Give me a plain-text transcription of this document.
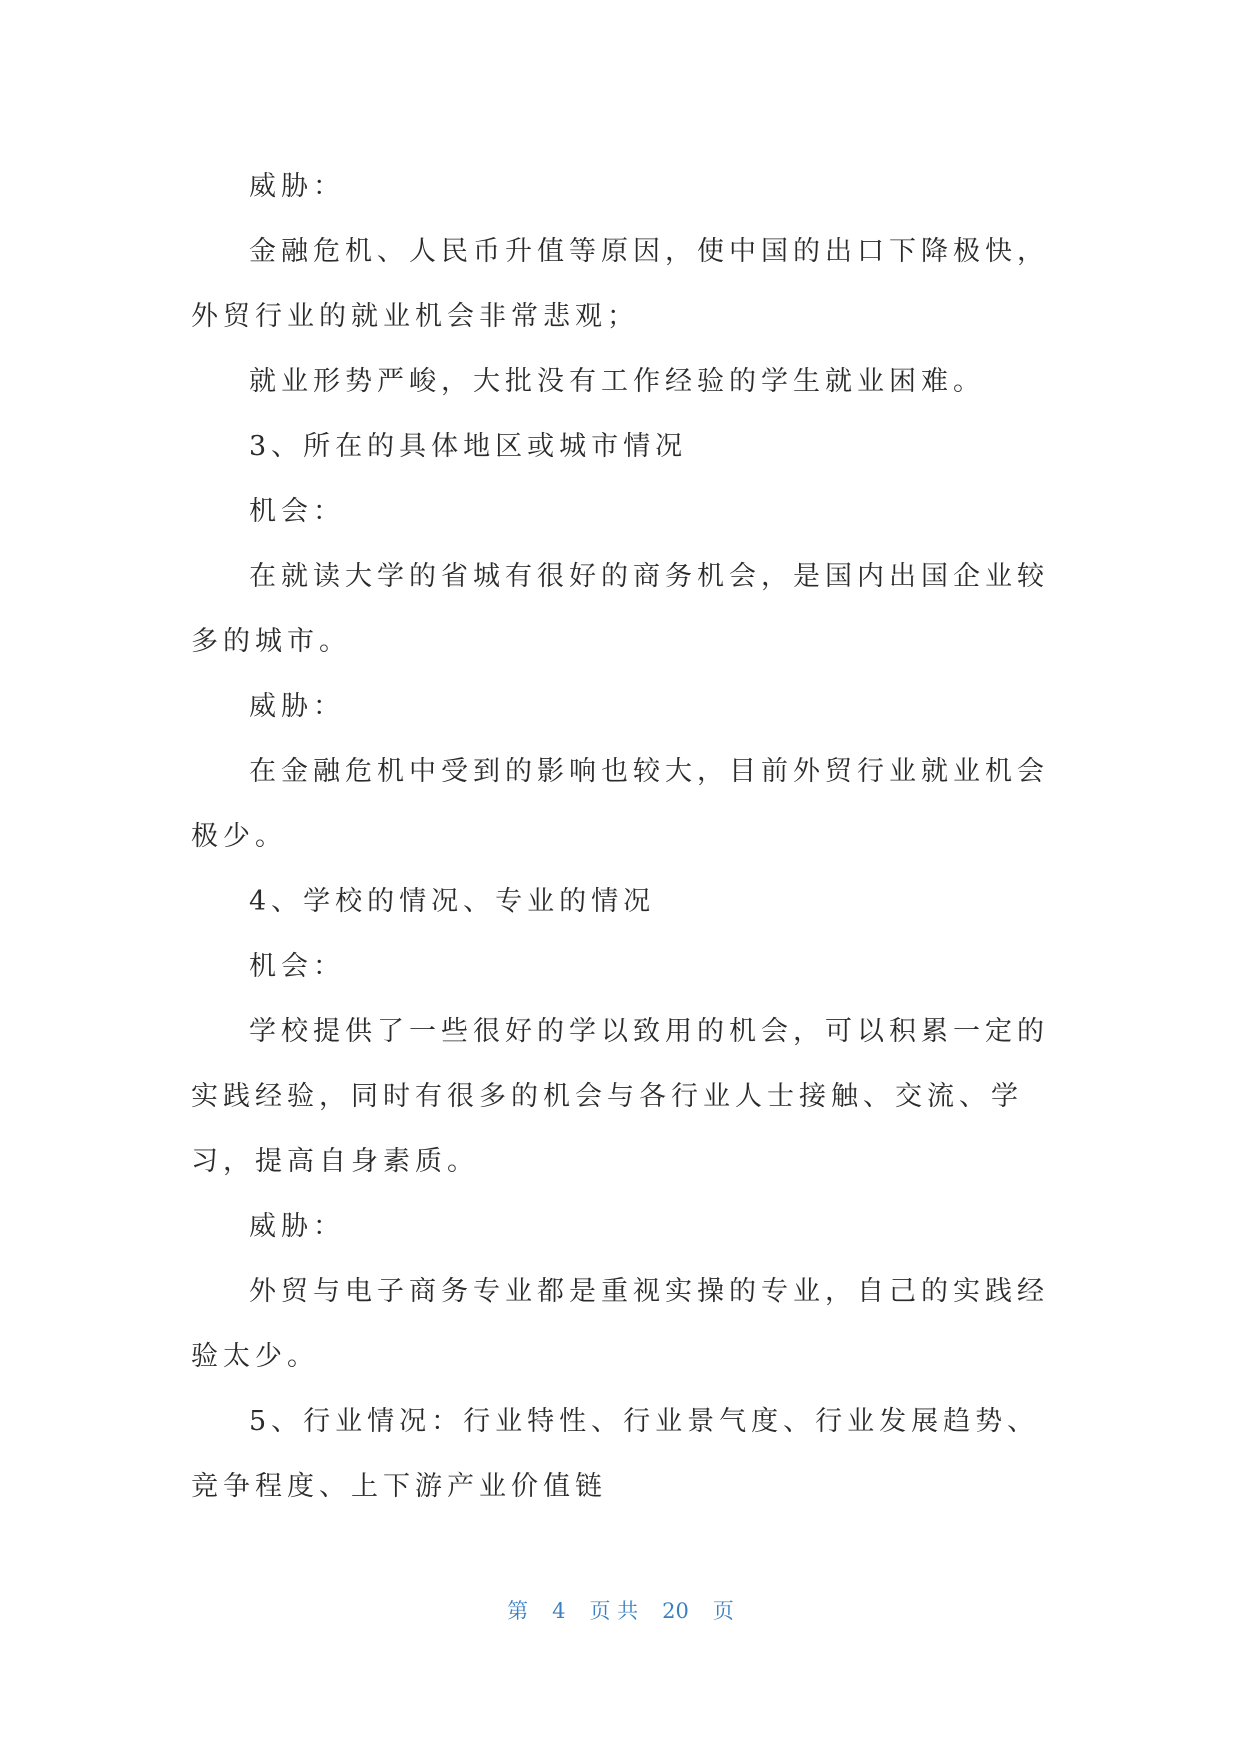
威胁：

金融危机、人民币升值等原因，使中国的出口下降极快，外贸行业的就业机会非常悲观；

就业形势严峻，大批没有工作经验的学生就业困难。

3、所在的具体地区或城市情况

机会：

在就读大学的省城有很好的商务机会，是国内出国企业较多的城市。

威胁：

在金融危机中受到的影响也较大，目前外贸行业就业机会极少。

4、学校的情况、专业的情况

机会：

学校提供了一些很好的学以致用的机会，可以积累一定的实践经验，同时有很多的机会与各行业人士接触、交流、学习，提高自身素质。

威胁：

外贸与电子商务专业都是重视实操的专业，自己的实践经验太少。

5、行业情况：行业特性、行业景气度、行业发展趋势、竞争程度、上下游产业价值链

第 4 页 共 20 页
